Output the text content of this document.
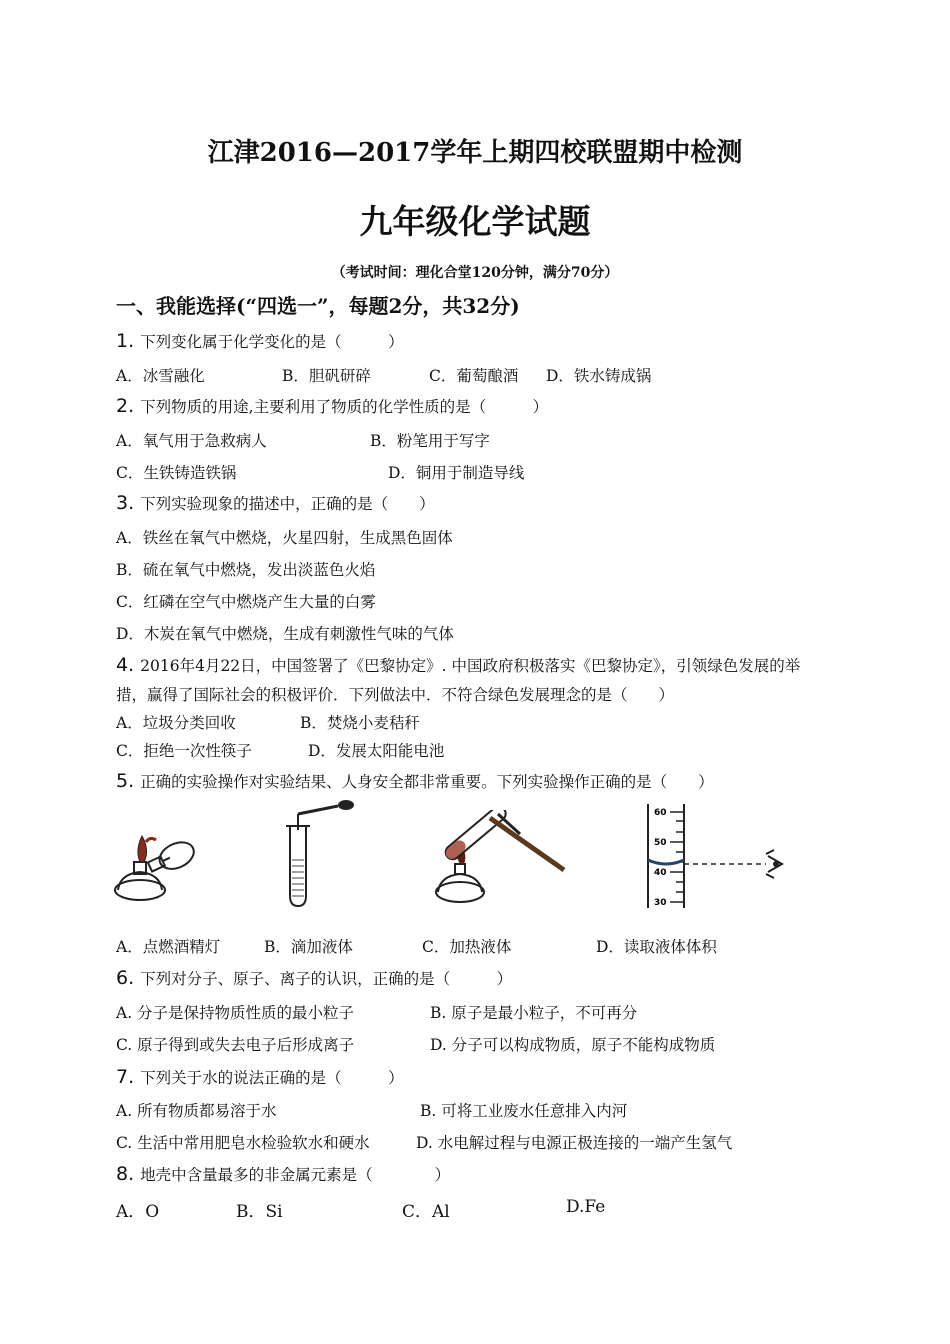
江津2016—2017学年上期四校联盟期中检测
九年级化学试题
（考试时间：理化合堂120分钟，满分70分）
一、我能选择(“四选一”，每题2分，共32分)
1. 下列变化属于化学变化的是（　　　）
A．冰雪融化	B．胆矾研碎	C．葡萄酿酒 D．铁水铸成锅
2. 下列物质的用途,主要利用了物质的化学性质的是（　　　）
A．氧气用于急救病人	B．粉笔用于写字
C．生铁铸造铁锅	D．铜用于制造导线
3. 下列实验现象的描述中，正确的是（　　）
A．铁丝在氧气中燃烧，火星四射，生成黑色固体
B．硫在氧气中燃烧，发出淡蓝色火焰
C．红磷在空气中燃烧产生大量的白雾
D．木炭在氧气中燃烧，生成有刺激性气味的气体
4. 2016年4月22日，中国签署了《巴黎协定》. 中国政府积极落实《巴黎协定》，引领绿色发展的举
措，赢得了国际社会的积极评价．下列做法中．不符合绿色发展理念的是（　　）
A．垃圾分类回收	B．焚烧小麦秸秆
C．拒绝一次性筷子	D．发展太阳能电池
5. 正确的实验操作对实验结果、人身安全都非常重要。下列实验操作正确的是（　　）
60
50
40
30
A．点燃酒精灯	B．滴加液体	C．加热液体	D．读取液体体积
6. 下列对分子、原子、离子的认识，正确的是（　　　）
A. 分子是保持物质性质的最小粒子	B. 原子是最小粒子，不可再分
C. 原子得到或失去电子后形成离子	D. 分子可以构成物质，原子不能构成物质
7. 下列关于水的说法正确的是（　　　）
A. 所有物质都易溶于水	B. 可将工业废水任意排入内河
C. 生活中常用肥皂水检验软水和硬水	D. 水电解过程与电源正极连接的一端产生氢气
8. 地壳中含量最多的非金属元素是（　　　　）
A．O	B．Si	C．Al	D.Fe
